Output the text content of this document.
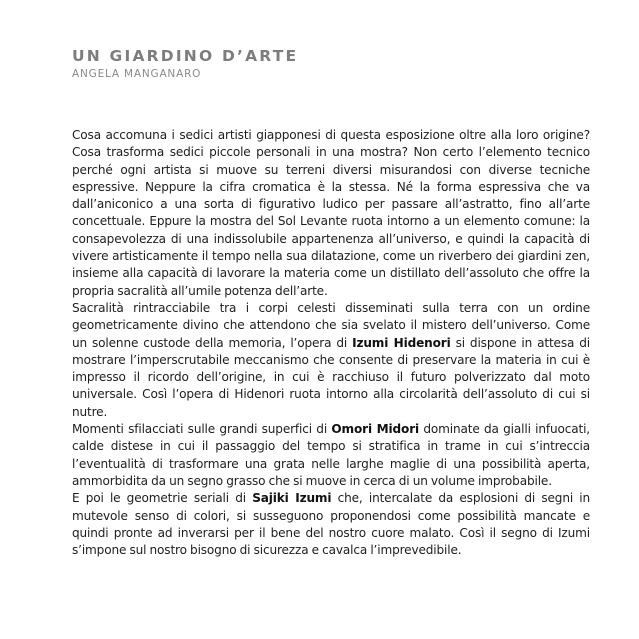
UN GIARDINO D’ARTE
ANGELA MANGANARO

Cosa accomuna i sedici artisti giapponesi di questa esposizione oltre alla loro origine? Cosa trasforma sedici piccole personali in una mostra? Non certo l’elemento tecnico perché ogni artista si muove su terreni diversi misurandosi con diverse tecniche espressive. Neppure la cifra cromatica è la stessa. Né la forma espressiva che va dall’aniconico a una sorta di figurativo ludico per passare all’astratto, fino all’arte concettuale. Eppure la mostra del Sol Levante ruota intorno a un elemento comune: la consapevolezza di una indissolubile appartenenza all’universo, e quindi la capacità di vivere artisticamente il tempo nella sua dilatazione, come un riverbero dei giardini zen, insieme alla capacità di lavorare la materia come un distillato dell’assoluto che offre la propria sacralità all’umile potenza dell’arte.

Sacralità rintracciabile tra i corpi celesti disseminati sulla terra con un ordine geometricamente divino che attendono che sia svelato il mistero dell’universo. Come un solenne custode della memoria, l’opera di Izumi Hidenori si dispone in attesa di mostrare l’imperscrutabile meccanismo che consente di preservare la materia in cui è impresso il ricordo dell’origine, in cui è racchiuso il futuro polverizzato dal moto universale. Così l’opera di Hidenori ruota intorno alla circolarità dell’assoluto di cui si nutre.

Momenti sfilacciati sulle grandi superfici di Omori Midori dominate da gialli infuocati, calde distese in cui il passaggio del tempo si stratifica in trame in cui s’intreccia l’eventualità di trasformare una grata nelle larghe maglie di una possibilità aperta, ammorbidita da un segno grasso che si muove in cerca di un volume improbabile.

E poi le geometrie seriali di Sajiki Izumi che, intercalate da esplosioni di segni in mutevole senso di colori, si susseguono proponendosi come possibilità mancate e quindi pronte ad inverarsi per il bene del nostro cuore malato. Così il segno di Izumi s’impone sul nostro bisogno di sicurezza e cavalca l’imprevedibile.
